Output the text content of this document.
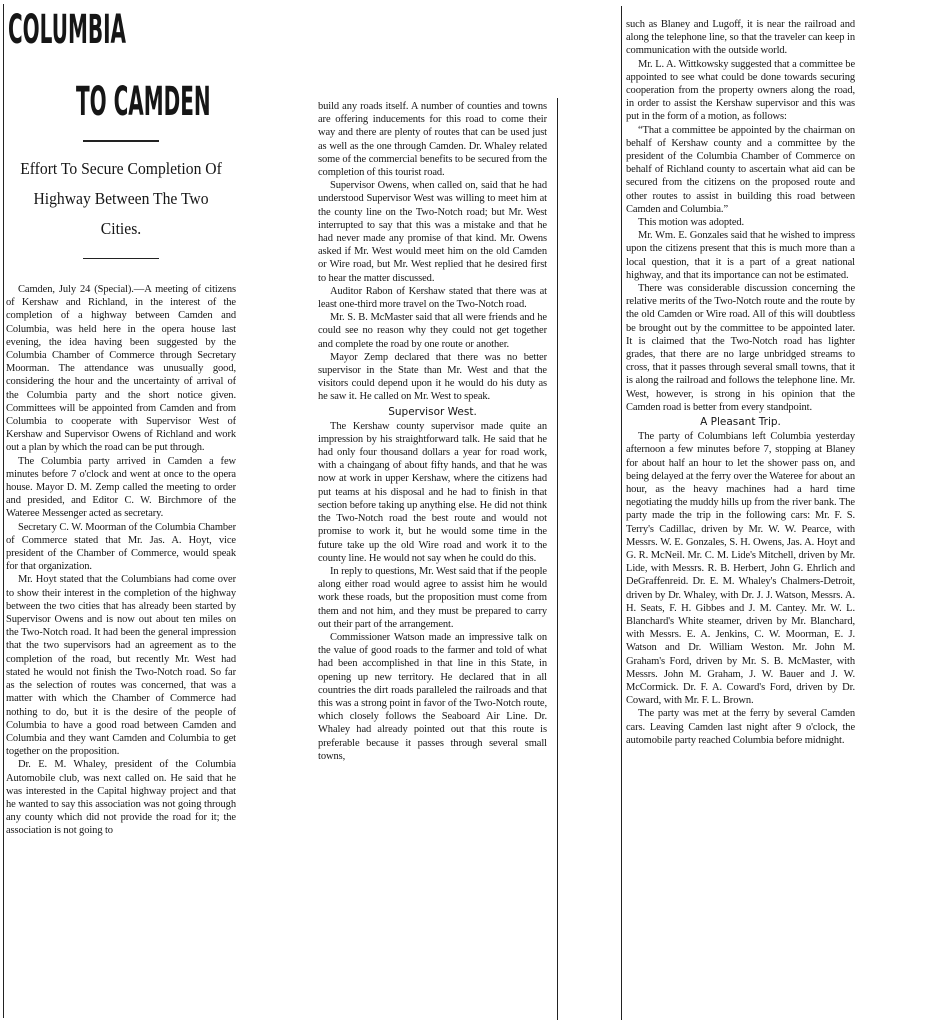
COLUMBIA
TO CAMDEN
Effort To Secure Completion Of Highway Between The Two Cities.

Camden, July 24 (Special).—A meeting of citizens of Kershaw and Richland, in the interest of the completion of a highway between Camden and Columbia, was held here in the opera house last evening, the idea having been suggested by the Columbia Chamber of Commerce through Secretary Moorman. The attendance was unusually good, considering the hour and the uncertainty of arrival of the Columbia party and the short notice given. Committees will be appointed from Camden and from Columbia to cooperate with Supervisor West of Kershaw and Supervisor Owens of Richland and work out a plan by which the road can be put through.

The Columbia party arrived in Camden a few minutes before 7 o'clock and went at once to the opera house. Mayor D. M. Zemp called the meeting to order and presided, and Editor C. W. Birchmore of the Wateree Messenger acted as secretary.

Secretary C. W. Moorman of the Columbia Chamber of Commerce stated that Mr. Jas. A. Hoyt, vice president of the Chamber of Commerce, would speak for that organization.

Mr. Hoyt stated that the Columbians had come over to show their interest in the completion of the highway between the two cities that has already been started by Supervisor Owens and is now out about ten miles on the Two-Notch road. It had been the general impression that the two supervisors had an agreement as to the completion of the road, but recently Mr. West had stated he would not finish the Two-Notch road. So far as the selection of routes was concerned, that was a matter with which the Chamber of Commerce had nothing to do, but it is the desire of the people of Columbia to have a good road between Camden and Columbia and they want Camden and Columbia to get together on the proposition.

Dr. E. M. Whaley, president of the Columbia Automobile club, was next called on. He said that he was interested in the Capital highway project and that he wanted to say this association was not going through any county which did not provide the road for it; the association is not going to

build any roads itself. A number of counties and towns are offering inducements for this road to come their way and there are plenty of routes that can be used just as well as the one through Camden. Dr. Whaley related some of the commercial benefits to be secured from the completion of this tourist road.

Supervisor Owens, when called on, said that he had understood Supervisor West was willing to meet him at the county line on the Two-Notch road; but Mr. West interrupted to say that this was a mistake and that he had never made any promise of that kind. Mr. Owens asked if Mr. West would meet him on the old Camden or Wire road, but Mr. West replied that he desired first to hear the matter discussed.

Auditor Rabon of Kershaw stated that there was at least one-third more travel on the Two-Notch road.

Mr. S. B. McMaster said that all were friends and he could see no reason why they could not get together and complete the road by one route or another.

Mayor Zemp declared that there was no better supervisor in the State than Mr. West and that the visitors could depend upon it he would do his duty as he saw it. He called on Mr. West to speak.

Supervisor West.

The Kershaw county supervisor made quite an impression by his straightforward talk. He said that he had only four thousand dollars a year for road work, with a chaingang of about fifty hands, and that he was now at work in upper Kershaw, where the citizens had put teams at his disposal and he had to finish in that section before taking up anything else. He did not think the Two-Notch road the best route and would not promise to work it, but he would some time in the future take up the old Wire road and work it to the county line. He would not say when he could do this.

In reply to questions, Mr. West said that if the people along either road would agree to assist him he would work these roads, but the proposition must come from them and not him, and they must be prepared to carry out their part of the arrangement.

Commissioner Watson made an impressive talk on the value of good roads to the farmer and told of what had been accomplished in that line in this State, in opening up new territory. He declared that in all countries the dirt roads paralleled the railroads and that this was a strong point in favor of the Two-Notch route, which closely follows the Seaboard Air Line. Dr. Whaley had already pointed out that this route is preferable because it passes through several small towns,

such as Blaney and Lugoff, it is near the railroad and along the telephone line, so that the traveler can keep in communication with the outside world.

Mr. L. A. Wittkowsky suggested that a committee be appointed to see what could be done towards securing cooperation from the property owners along the road, in order to assist the Kershaw supervisor and this was put in the form of a motion, as follows:

“That a committee be appointed by the chairman on behalf of Kershaw county and a committee by the president of the Columbia Chamber of Commerce on behalf of Richland county to ascertain what aid can be secured from the citizens on the proposed route and other routes to assist in building this road between Camden and Columbia.”

This motion was adopted.

Mr. Wm. E. Gonzales said that he wished to impress upon the citizens present that this is much more than a local question, that it is a part of a great national highway, and that its importance can not be estimated.

There was considerable discussion concerning the relative merits of the Two-Notch route and the route by the old Camden or Wire road. All of this will doubtless be brought out by the committee to be appointed later. It is claimed that the Two-Notch road has lighter grades, that there are no large unbridged streams to cross, that it passes through several small towns, that it is along the railroad and follows the telephone line. Mr. West, however, is strong in his opinion that the Camden road is better from every standpoint.

A Pleasant Trip.

The party of Columbians left Columbia yesterday afternoon a few minutes before 7, stopping at Blaney for about half an hour to let the shower pass on, and being delayed at the ferry over the Wateree for about an hour, as the heavy machines had a hard time negotiating the muddy hills up from the river bank. The party made the trip in the following cars: Mr. F. S. Terry's Cadillac, driven by Mr. W. W. Pearce, with Messrs. W. E. Gonzales, S. H. Owens, Jas. A. Hoyt and G. R. McNeil. Mr. C. M. Lide's Mitchell, driven by Mr. Lide, with Messrs. R. B. Herbert, John G. Ehrlich and DeGraffenreid. Dr. E. M. Whaley's Chalmers-Detroit, driven by Dr. Whaley, with Dr. J. J. Watson, Messrs. A. H. Seats, F. H. Gibbes and J. M. Cantey. Mr. W. L. Blanchard's White steamer, driven by Mr. Blanchard, with Messrs. E. A. Jenkins, C. W. Moorman, E. J. Watson and Dr. William Weston. Mr. John M. Graham's Ford, driven by Mr. S. B. McMaster, with Messrs. John M. Graham, J. W. Bauer and J. W. McCormick. Dr. F. A. Coward's Ford, driven by Dr. Coward, with Mr. F. L. Brown.

The party was met at the ferry by several Camden cars. Leaving Camden last night after 9 o'clock, the automobile party reached Columbia before midnight.
